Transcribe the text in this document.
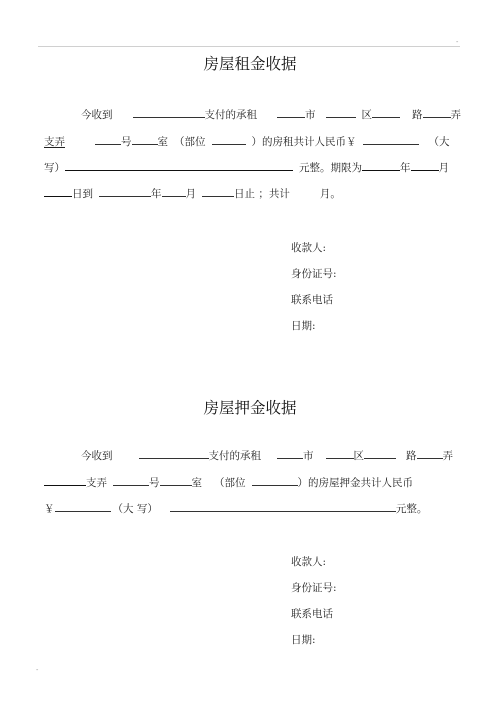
-
房屋租金收据
今收到	支付的承租	市	区	路	弄
支弄	号 室 （部位	）的房租共计人民币￥	（大
写）	元整。期限为	年	月
日到	年 月	日止 ；共计	月。
收款人:
身份证号:
联系电话
日期:
房屋押金收据
今收到	支付的承租	市	区	路 弄
支弄	号	室 （部位	）的房屋押金共计人民币
￥	（大 写）	元整。
收款人:
身份证号:
联系电话
日期:
-
